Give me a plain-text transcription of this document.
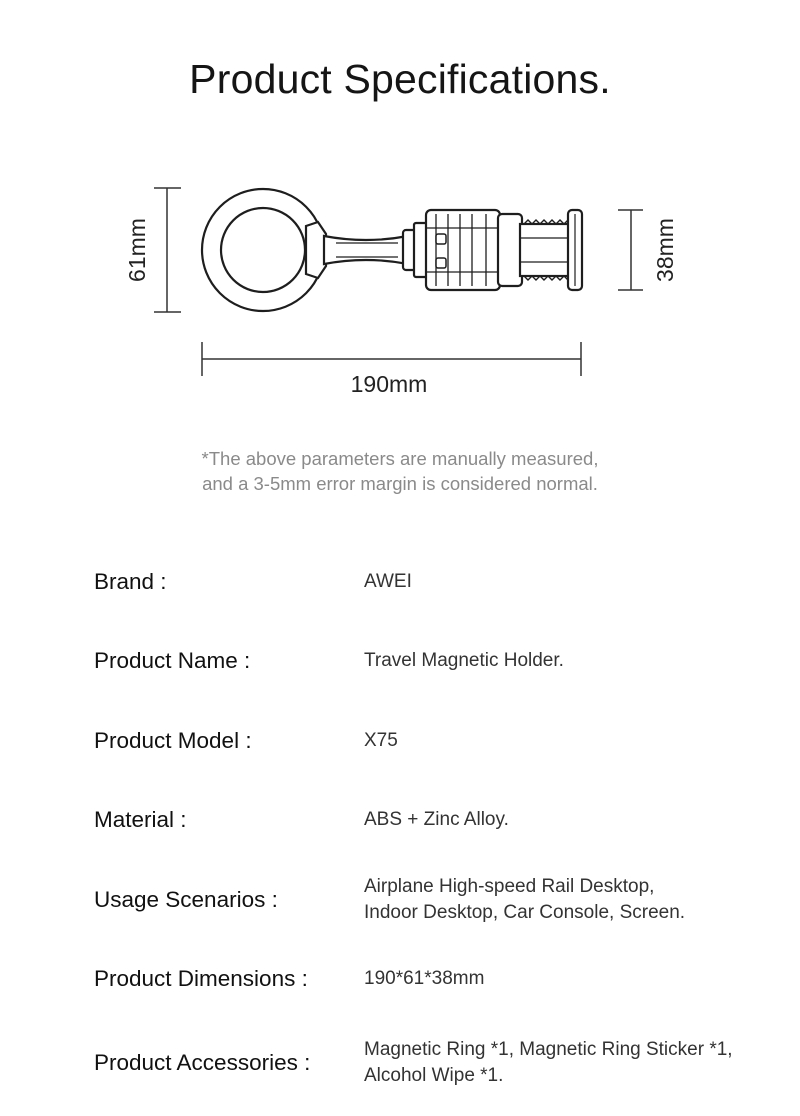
Product Specifications.
61mm	38mm
190mm
*The above parameters are manually measured,
and a 3-5mm error margin is considered normal.
Brand :	AWEI
Product Name :	Travel Magnetic Holder.
Product Model :	X75
Material :	ABS + Zinc Alloy.
Usage Scenarios :
Airplane High-speed Rail Desktop,
Indoor Desktop, Car Console, Screen.
Product Dimensions :	190*61*38mm
Product Accessories :
Magnetic Ring *1, Magnetic Ring Sticker *1,
Alcohol Wipe *1.
